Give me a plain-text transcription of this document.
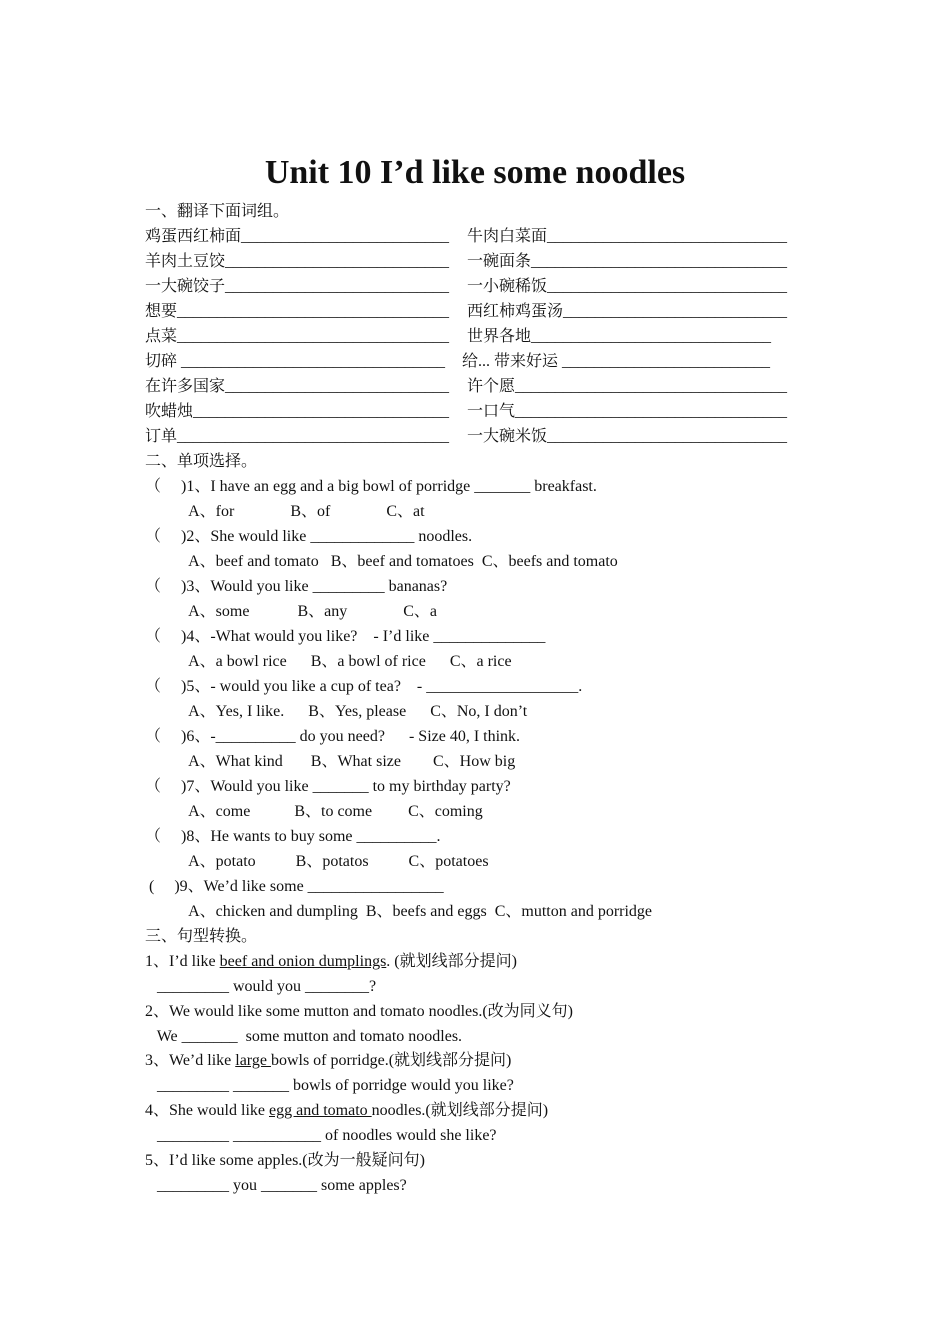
Unit 10 I’d like some noodles
一、翻译下面词组。
鸡蛋西红柿面__________________________ 牛肉白菜面______________________________
羊肉土豆饺____________________________ 一碗面条________________________________
一大碗饺子____________________________ 一小碗稀饭______________________________
想要__________________________________ 西红柿鸡蛋汤____________________________
点菜__________________________________ 世界各地______________________________
切碎 _________________________________ 给... 带来好运 __________________________
在许多国家____________________________ 许个愿__________________________________
吹蜡烛________________________________ 一口气__________________________________
订单__________________________________ 一大碗米饭______________________________
二、单项选择。
（     )1、I have an egg and a big bowl of porridge _______ breakfast.
A、for              B、of              C、at
（     )2、She would like _____________ noodles.
A、beef and tomato   B、beef and tomatoes  C、beefs and tomato
（     )3、Would you like _________ bananas?
A、some            B、any              C、a
（     )4、-What would you like?    - I’d like ______________
A、a bowl rice      B、a bowl of rice      C、a rice
（     )5、- would you like a cup of tea?    - ___________________.
A、Yes, I like.      B、Yes, please      C、No, I don’t
（     )6、-__________ do you need?      - Size 40, I think.
A、What kind       B、What size        C、How big
（     )7、Would you like _______ to my birthday party?
A、come           B、to come         C、coming
（     )8、He wants to buy some __________.
A、potato          B、potatos          C、potatoes
(     )9、We’d like some _________________
A、chicken and dumpling  B、beefs and eggs  C、mutton and porridge
三、句型转换。
1、I’d like beef and onion dumplings. (就划线部分提问)
_________ would you ________?
2、We would like some mutton and tomato noodles.(改为同义句)
We _______  some mutton and tomato noodles.
3、We’d like large bowls of porridge.(就划线部分提问)
_________ _______ bowls of porridge would you like?
4、She would like egg and tomato noodles.(就划线部分提问)
_________ ___________ of noodles would she like?
5、I’d like some apples.(改为一般疑问句)
_________ you _______ some apples?
